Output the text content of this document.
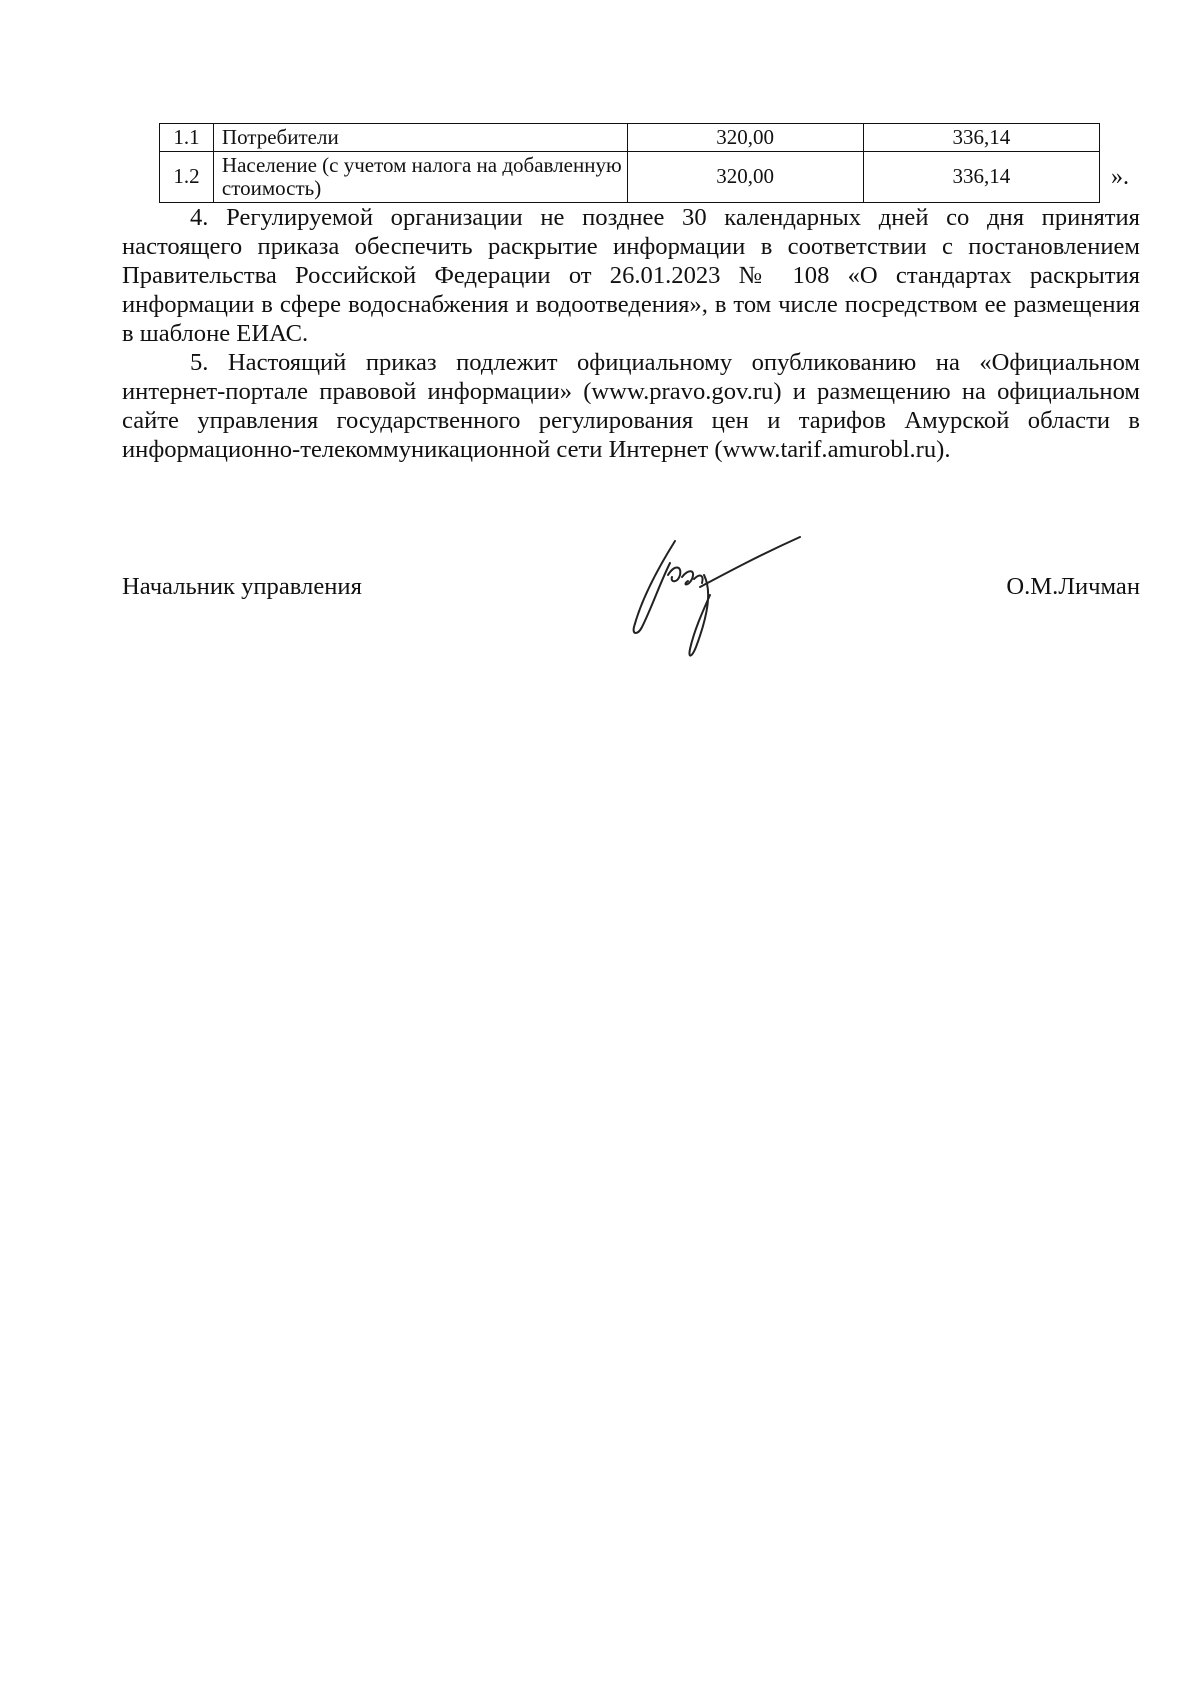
1.1	Потребители	320,00	336,14
1.2	Население (с учетом налога на добавленную стоимость)	320,00	336,14	».

4. Регулируемой организации не позднее 30 календарных дней со дня принятия настоящего приказа обеспечить раскрытие информации в соответствии с постановлением Правительства Российской Федерации от 26.01.2023 № 108 «О стандартах раскрытия информации в сфере водоснабжения и водоотведения», в том числе посредством ее размещения в шаблоне ЕИАС.

5. Настоящий приказ подлежит официальному опубликованию на «Официальном интернет-портале правовой информации» (www.pravo.gov.ru) и размещению на официальном сайте управления государственного регулирования цен и тарифов Амурской области в информационно-телекоммуникационной сети Интернет (www.tarif.amurobl.ru).

Начальник управления	О.М.Личман
